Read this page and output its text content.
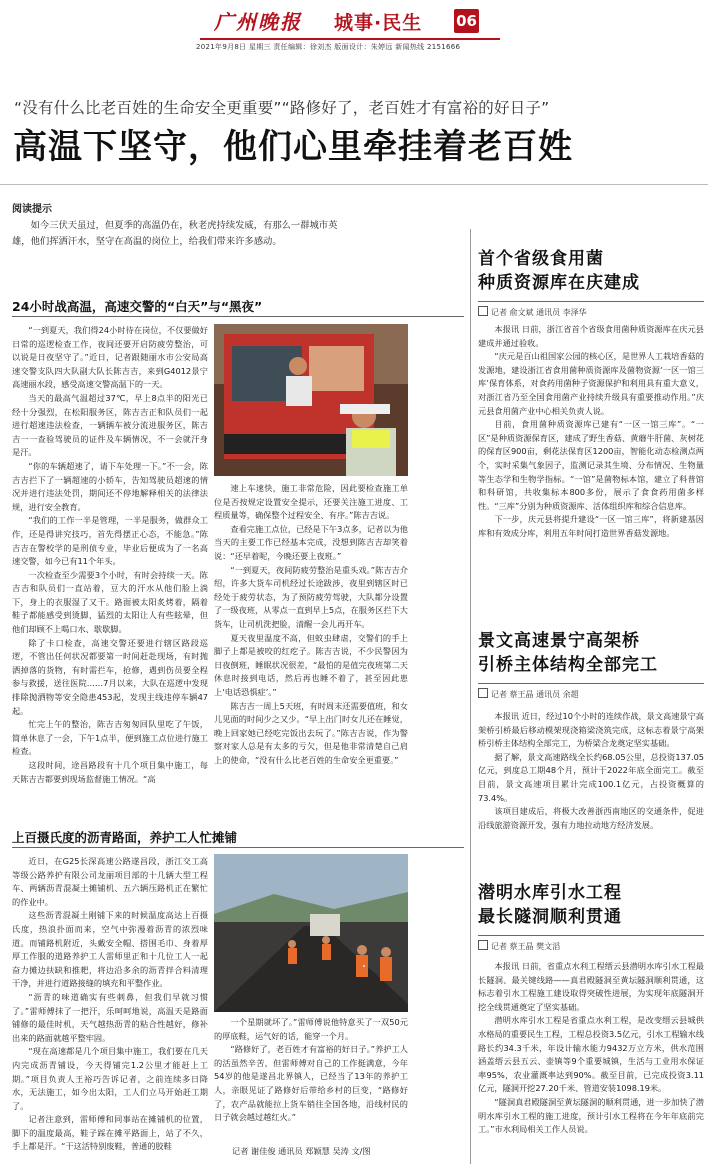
广州晚报 城事·民生 06
2021年9月8日 星期三 责任编辑：徐刘杰 版面设计：朱婷远 新闻热线 2151666
“没有什么比老百姓的生命安全更重要”“路修好了，老百姓才有富裕的好日子”
高温下坚守，他们心里牵挂着老百姓
阅读提示
如今三伏天虽过，但夏季的高温仍在，秋老虎持续发威，有那么一群城市英雄，他们挥洒汗水，坚守在高温的岗位上，给我们带来许多感动。
24小时战高温，高速交警的“白天”与“黑夜”

“一到夏天，我们得24小时待在岗位，不仅要做好日常的巡逻检查工作，夜间还要开启防疲劳整治，可以说是日夜坚守了。”近日，记者跟随丽水市公安局高速交警支队四大队副大队长陈吉吉，来到G4012景宁高速丽水段，感受高速交警高温下的一天。

当天的最高气温超过37℃，早上8点半的阳光已经十分强烈，在松阳服务区，陈吉吉正和队员们一起进行超速违法检查，一辆辆车被分流进服务区，陈吉吉一一查验驾驶员的证件及车辆情况，不一会就汗身是汗。

“你的车辆超速了，请下车处理一下。”不一会，陈吉吉拦下了一辆超速的小轿车，告知驾驶员超速的情况并进行违法处罚，期间还不停地解释相关的法律法规，进行安全教育。

“我们的工作一半是管理，一半是服务，做群众工作，还是得讲究技巧，首先得摆正心态，不能急。”陈吉吉在警校学的是刑侦专业，毕业后便成为了一名高速交警，如今已有11个年头。

一次检查至少需要3个小时，有时会持续一天。陈吉吉和队员们一直站着，豆大的汗水从他们脸上淌下，身上的衣服湿了又干。路面被太阳炙烤着，隔着鞋子都能感受到烫脚，猛烈的太阳让人有些眩晕，但他们却顾不上喝口水、歇歇脚。

除了卡口检查，高速交警还要进行辖区路段巡逻，不管出任何状况都要第一时间赶赴现场，有时抛洒掉落的货物，有时需拦车，抢修，遇到伤员要全程参与救援，送往医院……7月以来，大队在巡逻中发现排除抛洒物等安全隐患453起，发现主线违停车辆47起。

忙完上午的整治，陈吉吉匆匆回队里吃了午饭，简单休息了一会，下午1点半，便到施工点位进行施工检查。

这段时间，途昌路段有十几个项目集中施工，每天陈吉吉都要到现场监督施工情况。“高

速上车速快，施工非常危险，因此要检查施工单位是否按规定设置安全提示，还要关注施工进度、工程质量等，确保整个过程安全、有序。”陈吉吉说。

查看完施工点位，已经是下午3点多，记者以为他当天的主要工作已经基本完成，没想到陈吉吉却笑着说：“还早着呢，今晚还要上夜班。”

“一到夏天，夜间防疲劳整治是重头戏。”陈吉吉介绍，许多大货车司机经过长途跋涉，夜里到辖区时已经处于疲劳状态，为了预防疲劳驾驶，大队都分设置了一级夜班，从零点一直到早上5点，在服务区拦下大货车，让司机洗把脸，清醒一会儿再开车。

夏天夜里温度不高，但蚊虫肆虐，交警们的手上脚子上都是被咬的红疙子。陈吉吉说，不少民警因为日夜倒班，睡眠状况很差，“最怕的是值完夜班第二天休息时接到电话，然后再也睡不着了，甚至因此患上‘电话恐惧症’。”

陈吉吉一周上5天班，有时周末还需要值班，和女儿见面的时间少之又少。“早上出门时女儿还在睡觉，晚上回家她已经吃完饭出去玩了。”陈吉吉说，作为警察对家人总是有太多的亏欠，但是他非常清楚自己肩上的使命，“没有什么比老百姓的生命安全更重要。”

上百摄氏度的沥青路面，养护工人忙摊铺

近日，在G25长深高速公路遂昌段，浙江交工高等级公路养护有限公司龙丽项目部的十几辆大型工程车、两辆沥青混凝土摊铺机、五六辆压路机正在繁忙的作业中。

这些沥青混凝土刚铺下来的时候温度高达上百摄氏度，热浪扑面而来，空气中弥漫着沥青的浓烈味道。而铺路机附近，头戴安全帽、搭围毛巾、身着厚厚工作服的道路养护工人雷师里正和十几位工人一起奋力摊边扶缺和推耙，将边沿多余的沥青拌合料清理干净，并进行道路接缝的填充和平整作业。

“沥青的味道确实有些刺鼻，但我们早就习惯了。”雷师傅抹了一把汗，乐呵呵地说，高温天是路面铺修的最佳时机，天气越热沥青的粘合性越好，修补出来的路面就越平整牢固。

“现在高速都是几个项目集中施工，我们要在几天内完成沥青铺设，今天得铺完1.2公里才能赶上工期。”项目负责人王裕巧告诉记者，之前连续多日降水，无法施工，如今出太阳，工人们立马开始赶工期了。

记者注意到，雷师傅和同事站在摊铺机的位置，脚下的温度最高，鞋子踩在摊平路面上，站了不久，手上都是汗。“干这活特别废鞋，普通的胶鞋

一个星期就坏了。”雷师傅说他特意买了一双50元的厚底鞋，运气好的话，能穿一个月。

“路修好了，老百姓才有富裕的好日子。”养护工人的活虽然辛苦，但雷师傅对自己的工作挺满意，今年54岁的他是遂昌北界镇人，已经当了13年的养护工人，亲眼见证了路修好后带给乡村的巨变，“路修好了，农产品就能拉上货车销往全国各地，沿线村民的日子就会越过越红火。”

记者 谢佳俊 通讯员 郑颖慧 吴涛 文/图
首个省级食用菌
种质资源库在庆建成
记者 俞文斌 通讯员 李泽华

本报讯 日前，浙江省首个省级食用菌种质资源库在庆元县建成并通过验收。

“庆元是百山祖国家公园的核心区，是世界人工栽培香菇的发源地，建设浙江省食用菌种质资源库及菌物资源‘一区一馆三库’保育体系，对食药用菌种子资源保护和利用具有重大意义，对浙江省乃至全国食用菌产业持续升级具有重要推动作用。”庆元县食用菌产业中心相关负责人说。

目前，食用菌种质资源库已建有“一区一馆三库”。“一区”是种质资源保育区，建成了野生香菇、黄蘑牛肝菌、灰树花的保育区900亩，剩花法保育区1200亩，智能化动态检测点两个，实时采集气象因子，监测记录其生境、分布情况、生物量等生态学和生物学指标。“一馆”是菌物标本馆，建立了科普馆和科研馆，共收集标本800多份，展示了食食药用菌多样性。“三库”分别为种质资源库、活体组织库和综合信息库。

下一步，庆元县将提升建设“一区一馆三库”，将新建基因库和有效成分库，利用五年时间打造世界香菇发源地。

景文高速景宁高架桥
引桥主体结构全部完工
记者 蔡王晶 通讯员 余超

本报讯 近日，经过10个小时的连续作战，景文高速景宁高架桥引桥最后移动模架现浇箱梁浇筑完成，这标志着景宁高架桥引桥主体结构全部完工，为桥梁合龙奠定坚实基础。

据了解，景文高速路线全长约68.05公里，总投资137.05亿元，到度总工期48个月，预计于2022年底全面完工。截至目前，景文高速项目累计完成100.1亿元，占投资概算的73.4%。

该项目建成后，将极大改善浙西南地区的交通条件，促进沿线旅游资源开发，强有力地拉动地方经济发展。

潜明水库引水工程
最长隧洞顺利贯通
记者 蔡王晶 樊文滔

本报讯 日前，省重点水利工程缙云县潜明水库引水工程最长隧洞、最关键线路——真君殿隧洞至黄坛隧洞顺利贯通，这标志着引水工程施工建设取得突破性进展，为实现年底隧洞开挖全线贯通奠定了坚实基础。

潜明水库引水工程是省重点水利工程，是改变缙云县城供水格局的重要民生工程，工程总投资3.5亿元，引水工程输水线路长约34.3千米，年设计输水能力9432万立方米，供水范围涵盖缙云县五云、壶镇等9个重要城镇，生活与工业用水保证率95%，农业灌溉率达到90%。截至目前，已完成投资3.11亿元，隧洞开挖27.20千米、管道安装1098.19米。

“隧洞真君殿隧洞至黄坛隧洞的顺利贯通，进一步加快了潜明水库引水工程的施工进度，预计引水工程将在今年年底前完工。”市水利局相关工作人员说。
